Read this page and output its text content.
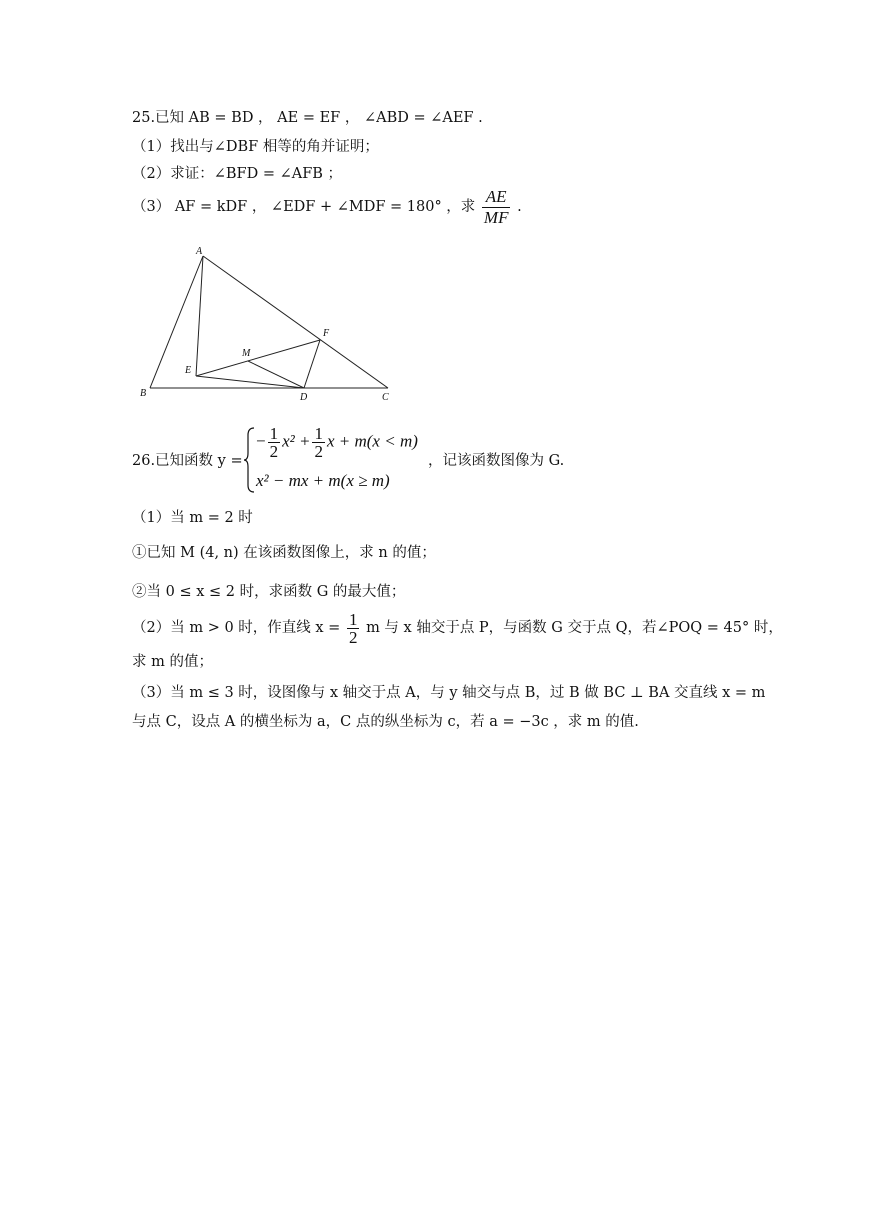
25.已知 AB = BD ， AE = EF ， ∠ABD = ∠AEF .
（1）找出与∠DBF 相等的角并证明；
（2）求证：∠BFD = ∠AFB ；
（3） AF = kDF ， ∠EDF + ∠MDF = 180° ，求 $\frac{AE}{MF}$ .
A
B	C
D
E
F
M
26.已知函数 y =
− $\frac{1}{2} x^2 + \frac{1}{2}$ x + m(x < m)
x² − mx + m(x ≥ m)
，记该函数图像为 G.
（1）当 m = 2 时
①已知 M (4, n) 在该函数图像上，求 n 的值；
②当 0 ≤ x ≤ 2 时，求函数 G 的最大值；
（2）当 m > 0 时，作直线 $x = \frac{1}{2}$ m 与 x 轴交于点 P，与函数 G 交于点 Q，若∠POQ = 45° 时，
求 m 的值；
（3）当 m ≤ 3 时，设图像与 x 轴交于点 A，与 y 轴交与点 B，过 B 做 BC ⊥ BA 交直线 x = m
与点 C，设点 A 的横坐标为 a，C 点的纵坐标为 c，若 a = −3c ，求 m 的值.
